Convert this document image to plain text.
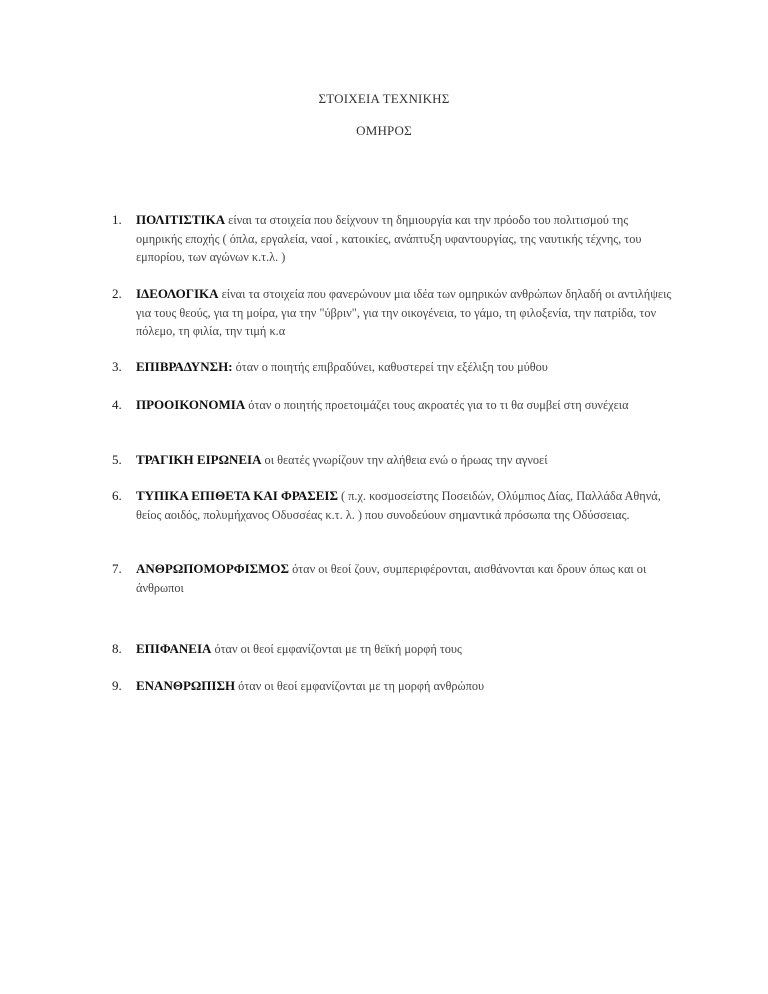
ΣΤΟΙΧΕΙΑ ΤΕΧΝΙΚΗΣ
ΟΜΗΡΟΣ
1.	ΠΟΛΙΤΙΣΤΙΚΑ είναι τα στοιχεία που δείχνουν τη δημιουργία και την πρόοδο του πολιτισμού της ομηρικής εποχής ( όπλα, εργαλεία, ναοί , κατοικίες, ανάπτυξη υφαντουργίας, της ναυτικής τέχνης, του εμπορίου, των αγώνων κ.τ.λ. )
2.	ΙΔΕΟΛΟΓΙΚΑ είναι τα στοιχεία που φανερώνουν μια ιδέα των ομηρικών ανθρώπων δηλαδή οι αντιλήψεις για τους θεούς, για τη μοίρα, για την "ύβριν", για την οικογένεια, το γάμο, τη φιλοξενία, την πατρίδα, τον πόλεμο, τη φιλία, την τιμή κ.α
3.	ΕΠΙΒΡΑΔΥΝΣΗ: όταν ο ποιητής επιβραδύνει, καθυστερεί την εξέλιξη του μύθου
4.	ΠΡΟΟΙΚΟΝΟΜΙΑ όταν ο ποιητής προετοιμάζει τους ακροατές για το τι θα συμβεί στη συνέχεια
5.	ΤΡΑΓΙΚΗ ΕΙΡΩΝΕΙΑ οι θεατές γνωρίζουν την αλήθεια ενώ ο ήρωας την αγνοεί
6.	ΤΥΠΙΚΑ ΕΠΙΘΕΤΑ ΚΑΙ ΦΡΑΣΕΙΣ ( π.χ. κοσμοσείστης Ποσειδών, Ολύμπιος Δίας, Παλλάδα Αθηνά, θείος αοιδός, πολυμήχανος Οδυσσέας κ.τ. λ. ) που συνοδεύουν σημαντικά πρόσωπα της Οδύσσειας.
7.	ΑΝΘΡΩΠΟΜΟΡΦΙΣΜΟΣ όταν οι θεοί ζουν, συμπεριφέρονται, αισθάνονται και δρουν όπως και οι άνθρωποι
8.	ΕΠΙΦΑΝΕΙΑ όταν οι θεοί εμφανίζονται με τη θεϊκή μορφή τους
9.	ΕΝΑΝΘΡΩΠΙΣΗ όταν οι θεοί εμφανίζονται με τη μορφή ανθρώπου
